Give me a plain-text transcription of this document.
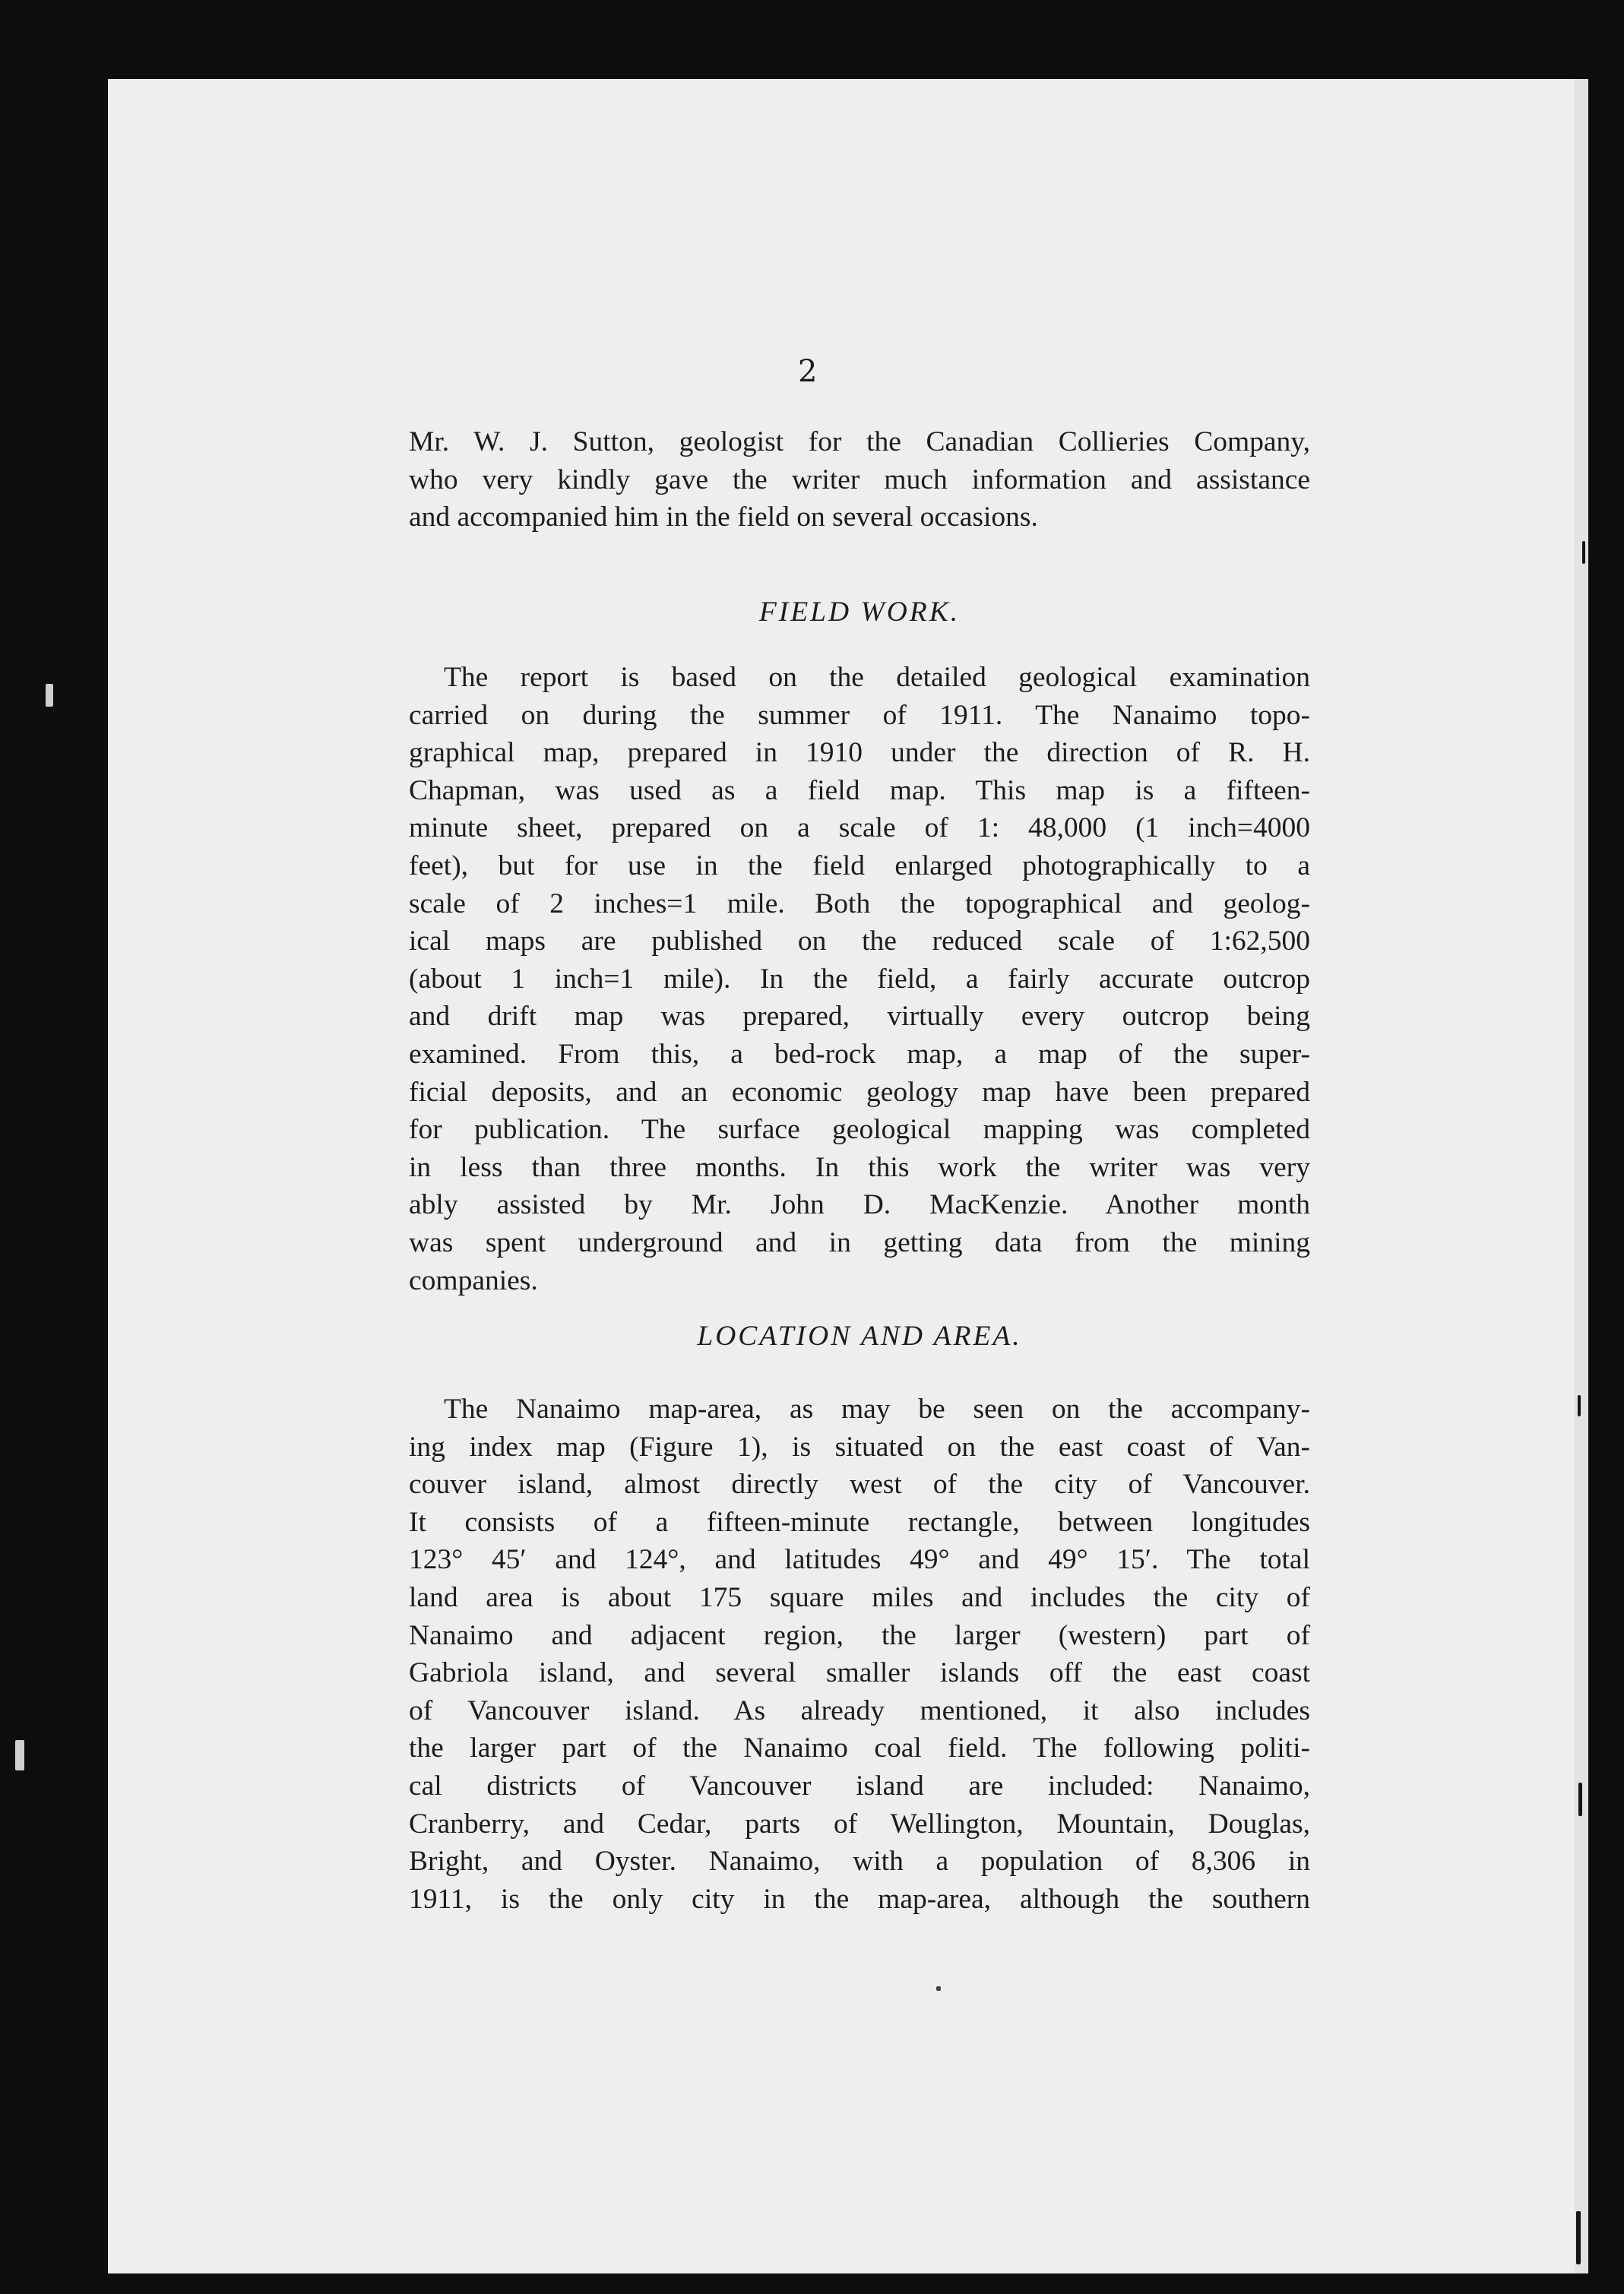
2
Mr. W. J. Sutton, geologist for the Canadian Collieries Company,
who very kindly gave the writer much information and assistance
and accompanied him in the field on several occasions.
FIELD WORK.
The report is based on the detailed geological examination
carried on during the summer of 1911. The Nanaimo topo-
graphical map, prepared in 1910 under the direction of R. H.
Chapman, was used as a field map. This map is a fifteen-
minute sheet, prepared on a scale of 1: 48,000 (1 inch=4000
feet), but for use in the field enlarged photographically to a
scale of 2 inches=1 mile. Both the topographical and geolog-
ical maps are published on the reduced scale of 1:62,500
(about 1 inch=1 mile). In the field, a fairly accurate outcrop
and drift map was prepared, virtually every outcrop being
examined. From this, a bed-rock map, a map of the super-
ficial deposits, and an economic geology map have been prepared
for publication. The surface geological mapping was completed
in less than three months. In this work the writer was very
ably assisted by Mr. John D. MacKenzie. Another month
was spent underground and in getting data from the mining
companies.
LOCATION AND AREA.
The Nanaimo map-area, as may be seen on the accompany-
ing index map (Figure 1), is situated on the east coast of Van-
couver island, almost directly west of the city of Vancouver.
It consists of a fifteen-minute rectangle, between longitudes
123° 45′ and 124°, and latitudes 49° and 49° 15′. The total
land area is about 175 square miles and includes the city of
Nanaimo and adjacent region, the larger (western) part of
Gabriola island, and several smaller islands off the east coast
of Vancouver island. As already mentioned, it also includes
the larger part of the Nanaimo coal field. The following politi-
cal districts of Vancouver island are included: Nanaimo,
Cranberry, and Cedar, parts of Wellington, Mountain, Douglas,
Bright, and Oyster. Nanaimo, with a population of 8,306 in
1911, is the only city in the map-area, although the southern
